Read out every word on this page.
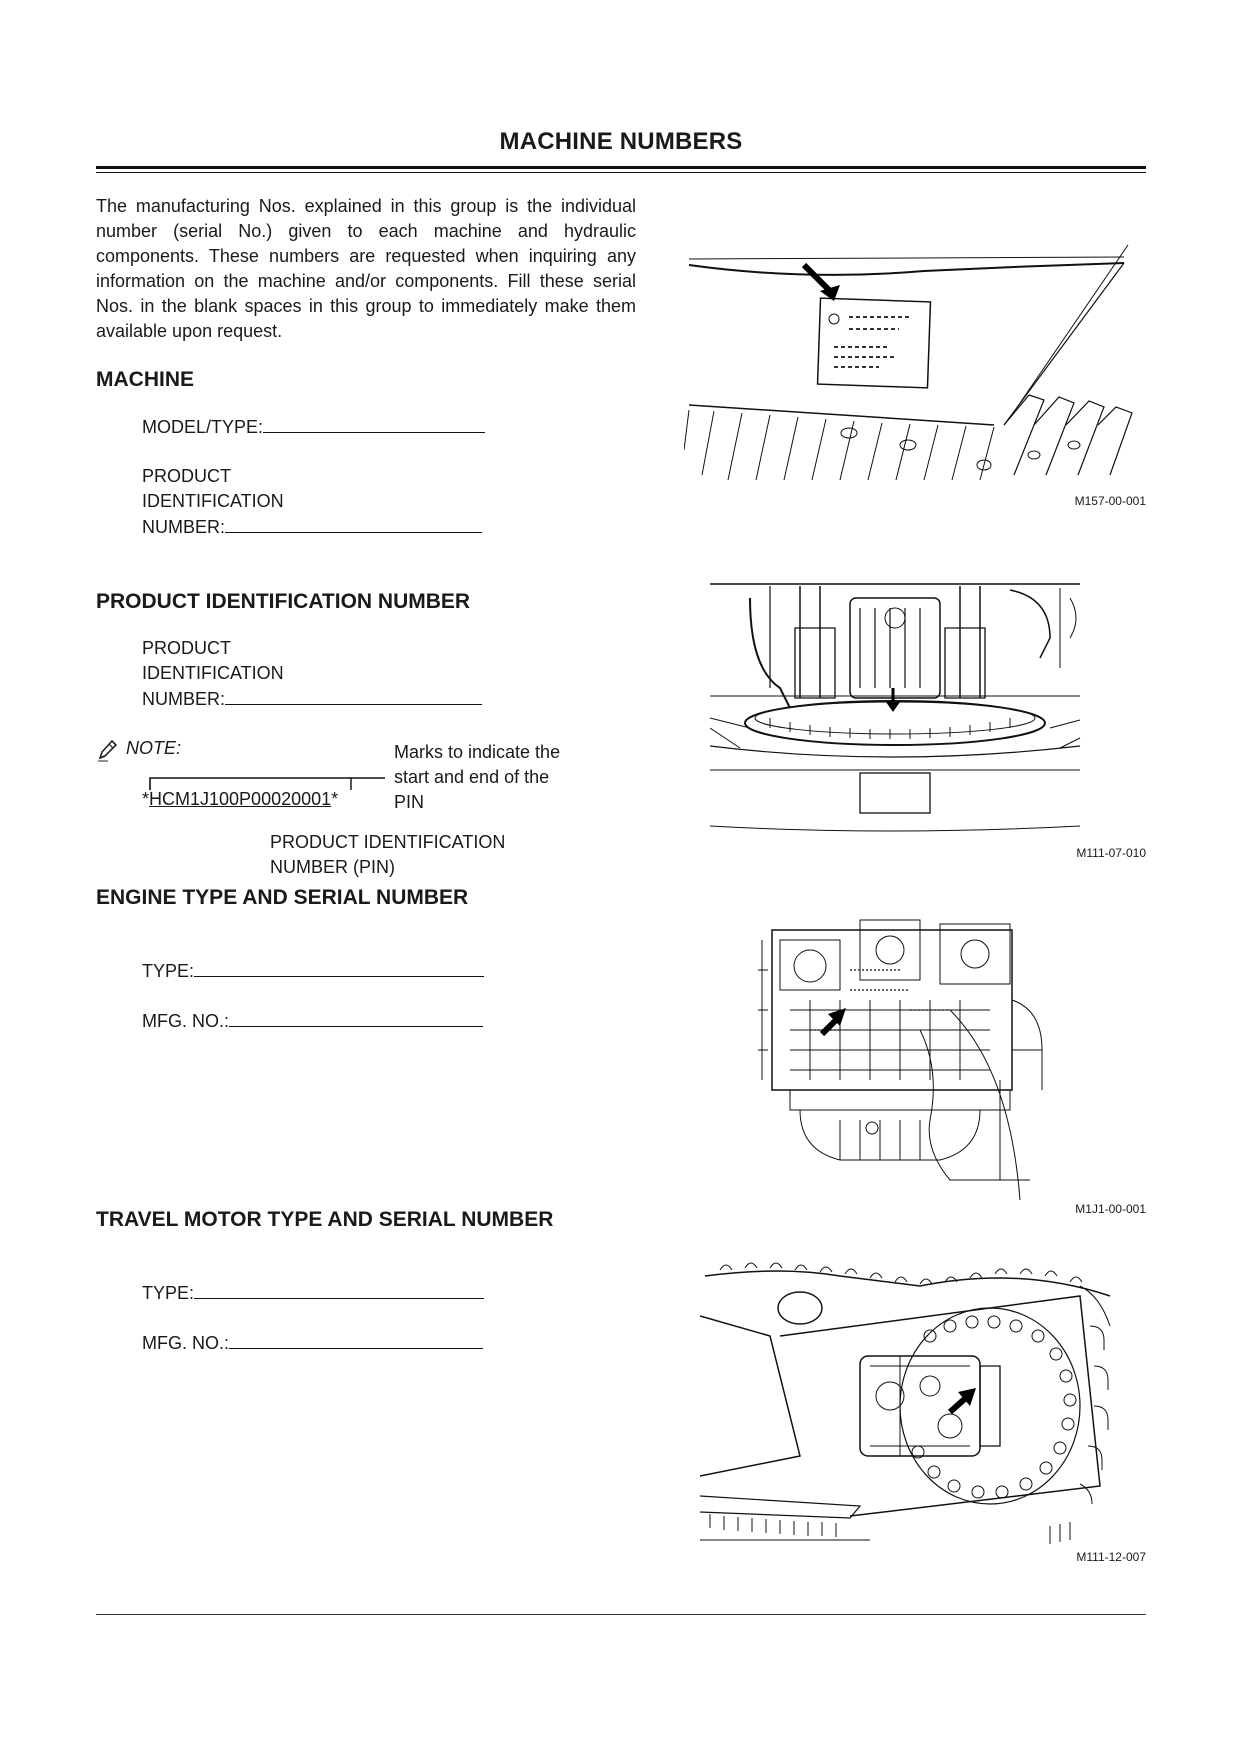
MACHINE NUMBERS
The manufacturing Nos. explained in this group is the individual number (serial No.) given to each machine and hydraulic components. These numbers are requested when inquiring any information on the machine and/or components. Fill these serial Nos. in the blank spaces in this group to immediately make them available upon request.
MACHINE
MODEL/TYPE:
PRODUCT
IDENTIFICATION
NUMBER:
PRODUCT IDENTIFICATION NUMBER
PRODUCT
IDENTIFICATION
NUMBER:
NOTE:	Marks to indicate the
start and end of the
PIN
*HCM1J100P00020001*
PRODUCT IDENTIFICATION
NUMBER (PIN)
ENGINE TYPE AND SERIAL NUMBER
TYPE:
MFG. NO.:
TRAVEL MOTOR TYPE AND SERIAL NUMBER
TYPE:
MFG. NO.:
M157-00-001
M111-07-010
M1J1-00-001
M111-12-007
